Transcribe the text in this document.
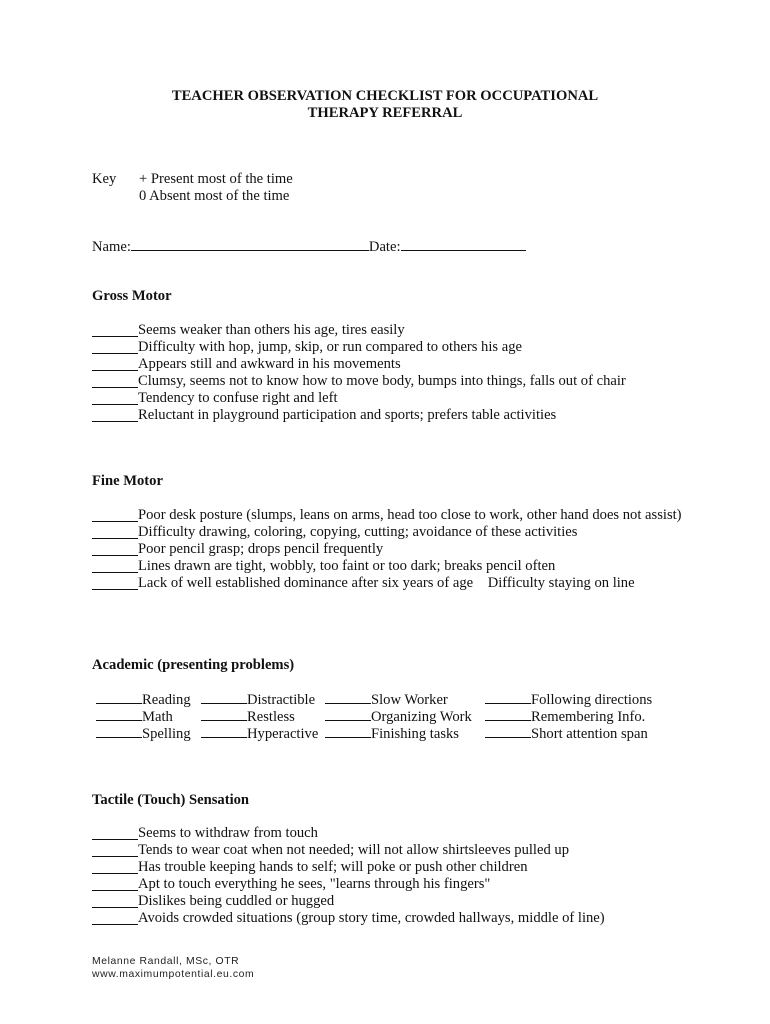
TEACHER OBSERVATION CHECKLIST FOR OCCUPATIONAL
THERAPY REFERRAL
Key	+ Present most of the time
0 Absent most of the time
Name:	Date:
Gross Motor
Seems weaker than others his age, tires easily
Difficulty with hop, jump, skip, or run compared to others his age
Appears still and awkward in his movements
Clumsy, seems not to know how to move body, bumps into things, falls out of chair
Tendency to confuse right and left
Reluctant in playground participation and sports; prefers table activities
Fine Motor
Poor desk posture (slumps, leans on arms, head too close to work, other hand does not assist)
Difficulty drawing, coloring, copying, cutting; avoidance of these activities
Poor pencil grasp; drops pencil frequently
Lines drawn are tight, wobbly, too faint or too dark; breaks pencil often
Lack of well established dominance after six years of age    Difficulty staying on line
Academic (presenting problems)
Reading	Distractible	Slow Worker	Following directions
Math	Restless	Organizing Work	Remembering Info.
Spelling	Hyperactive	Finishing tasks	Short attention span
Tactile (Touch) Sensation
Seems to withdraw from touch
Tends to wear coat when not needed; will not allow shirtsleeves pulled up
Has trouble keeping hands to self; will poke or push other children
Apt to touch everything he sees, "learns through his fingers"
Dislikes being cuddled or hugged
Avoids crowded situations (group story time, crowded hallways, middle of line)
Melanne Randall, MSc, OTR
www.maximumpotential.eu.com
